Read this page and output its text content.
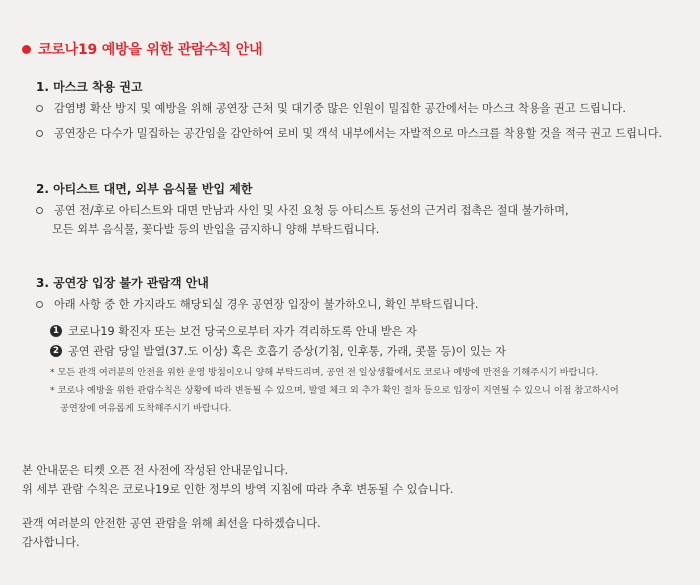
코로나19 예방을 위한 관람수칙 안내
1. 마스크 착용 권고
감염병 확산 방지 및 예방을 위해 공연장 근처 및 대기중 많은 인원이 밀집한 공간에서는 마스크 착용을 권고 드립니다.
공연장은 다수가 밀집하는 공간임을 감안하여 로비 및 객석 내부에서는 자발적으로 마스크를 착용할 것을 적극 권고 드립니다.
2. 아티스트 대면, 외부 음식물 반입 제한
공연 전/후로 아티스트와 대면 만남과 사인 및 사진 요청 등 아티스트 동선의 근거리 접촉은 절대 불가하며,
모든 외부 음식물, 꽃다발 등의 반입을 금지하니 양해 부탁드립니다.
3. 공연장 입장 불가 관람객 안내
아래 사항 중 한 가지라도 해당되실 경우 공연장 입장이 불가하오니, 확인 부탁드립니다.
1 코로나19 확진자 또는 보건 당국으로부터 자가 격리하도록 안내 받은 자
2 공연 관람 당일 발열(37.도 이상) 혹은 호흡기 증상(기침, 인후통, 가래, 콧물 등)이 있는 자
* 모든 관객 여러분의 안전을 위한 운영 방침이오니 양해 부탁드리며, 공연 전 일상생활에서도 코로나 예방에 만전을 기해주시기 바랍니다.
* 코로나 예방을 위한 관람수칙은 상황에 따라 변동될 수 있으며, 발열 체크 외 추가 확인 절차 등으로 입장이 지연될 수 있으니 이점 참고하시어
공연장에 여유롭게 도착해주시기 바랍니다.
본 안내문은 티켓 오픈 전 사전에 작성된 안내문입니다.
위 세부 관람 수칙은 코로나19로 인한 정부의 방역 지침에 따라 추후 변동될 수 있습니다.
관객 여러분의 안전한 공연 관람을 위해 최선을 다하겠습니다.
감사합니다.
